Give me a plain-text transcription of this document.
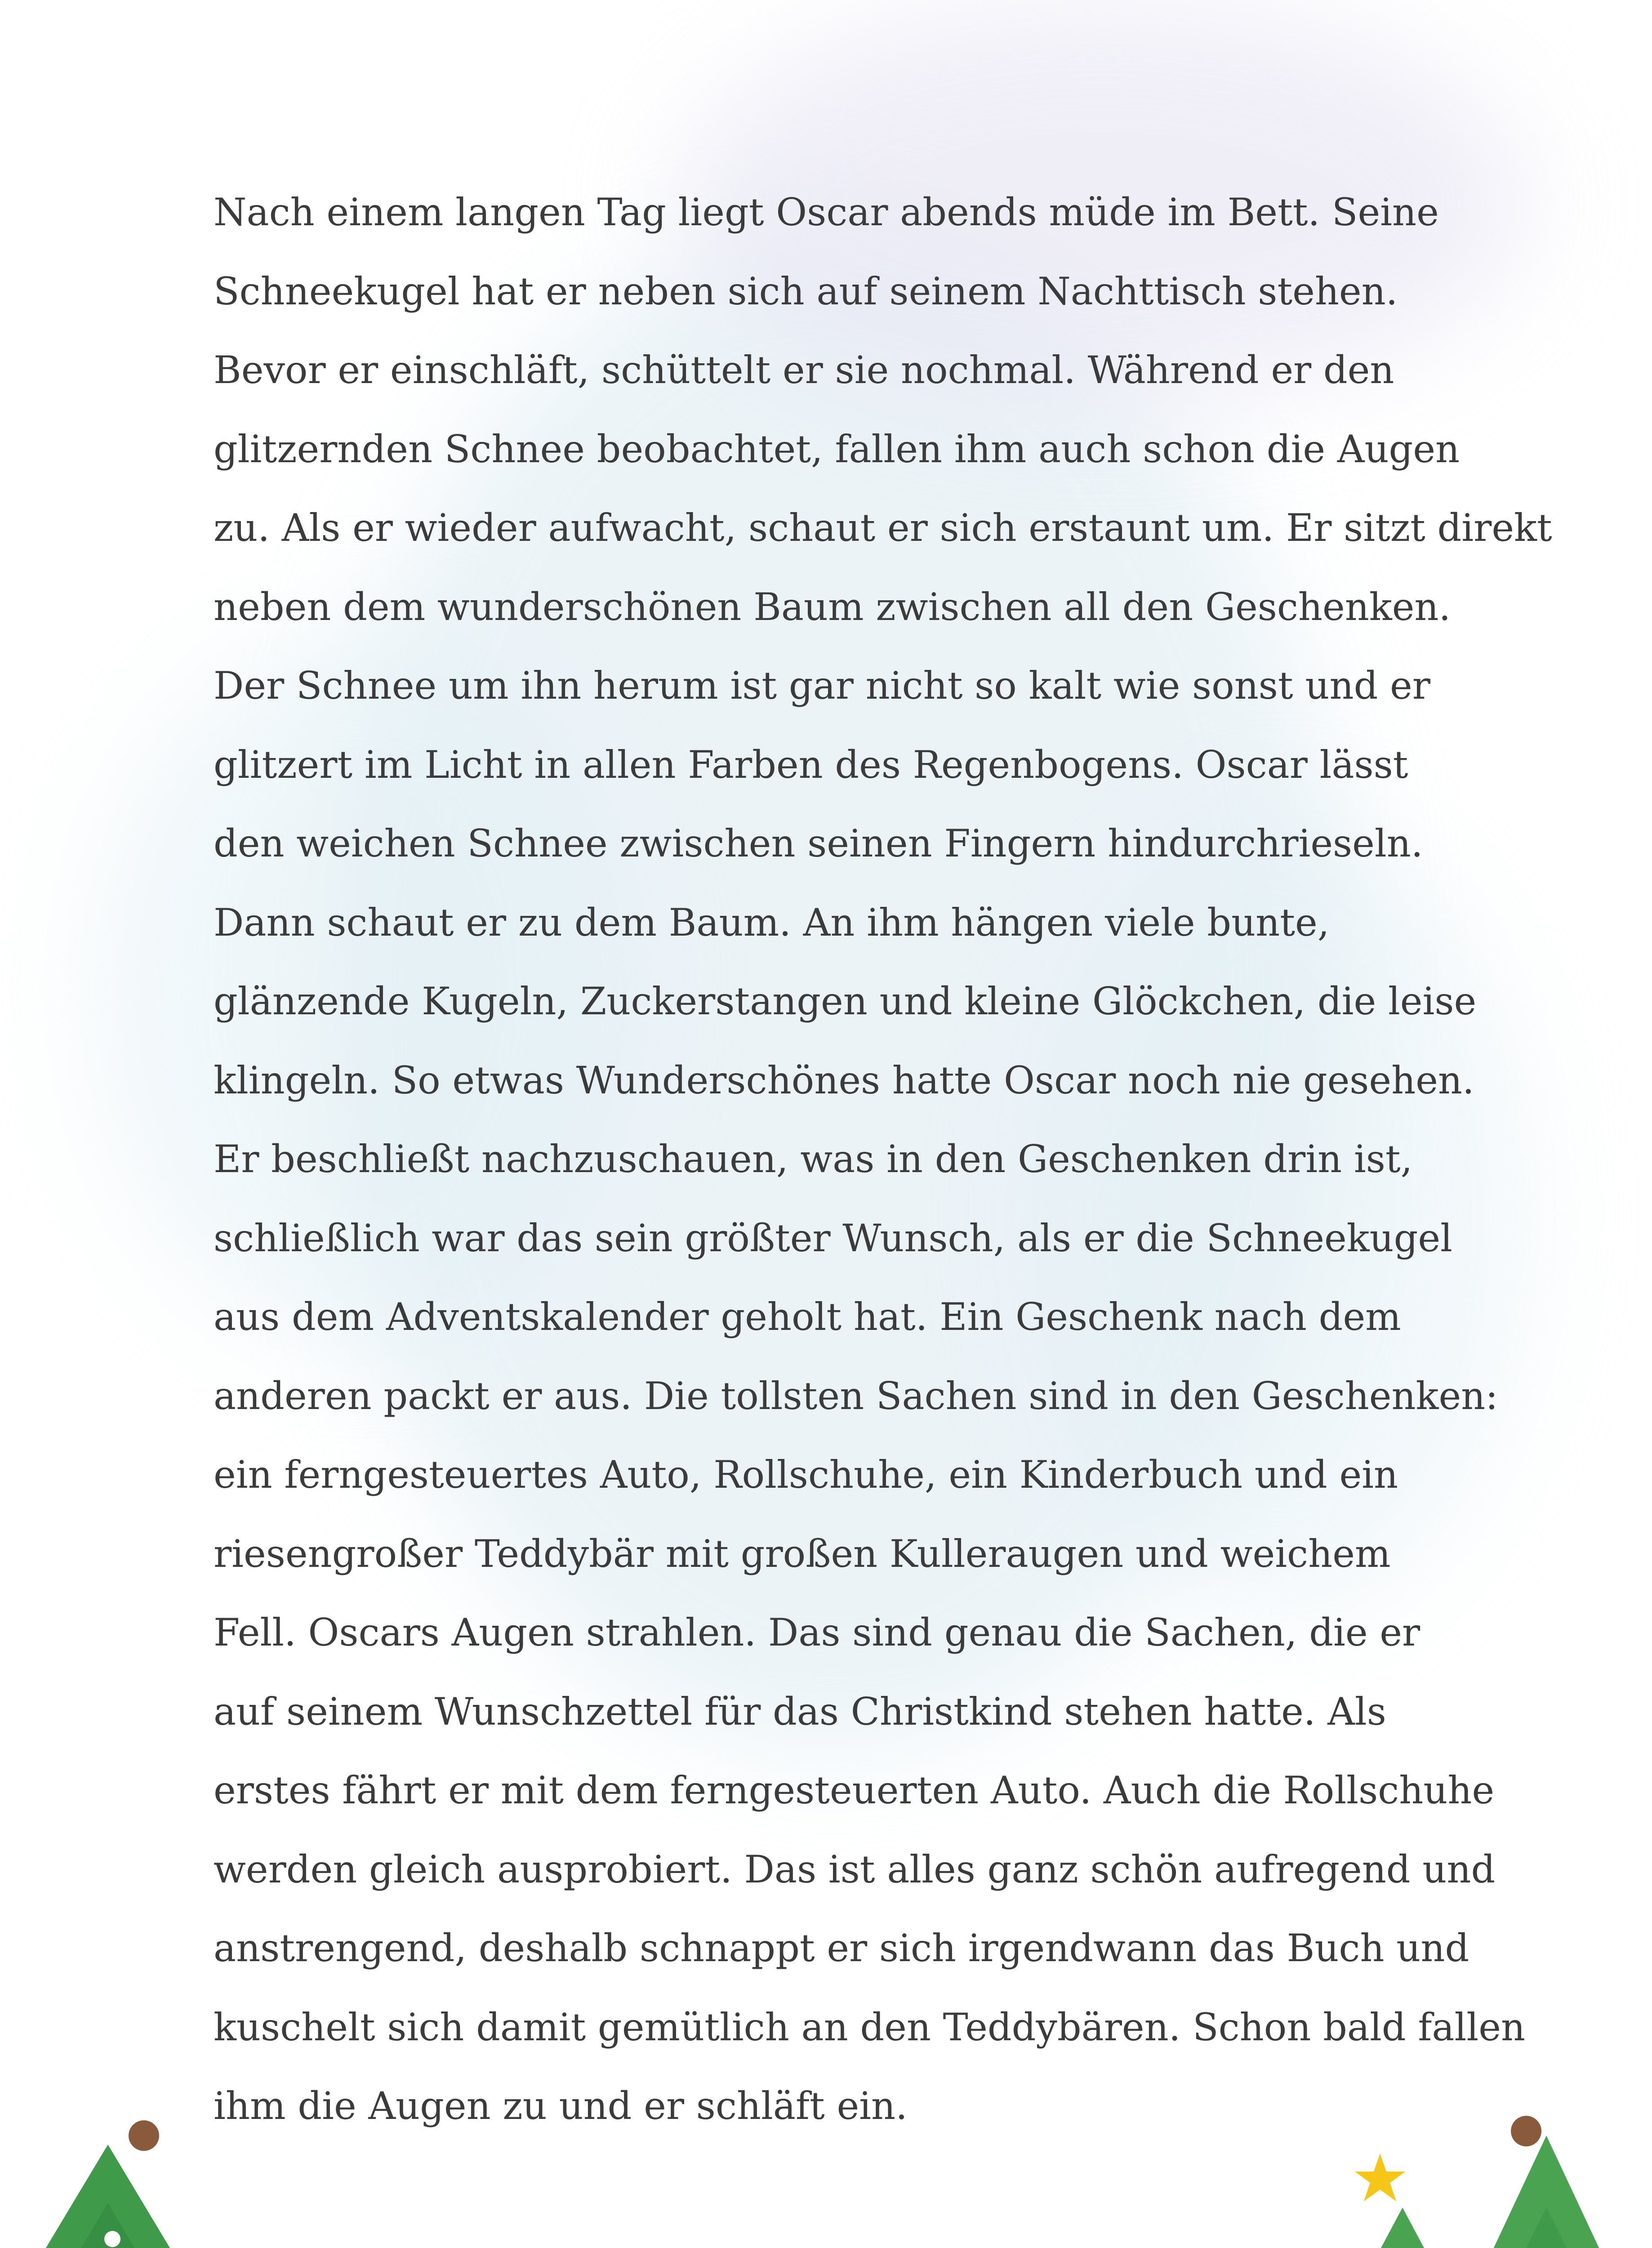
Nach einem langen Tag liegt Oscar abends müde im Bett. Seine
Schneekugel hat er neben sich auf seinem Nachttisch stehen.
Bevor er einschläft, schüttelt er sie nochmal. Während er den
glitzernden Schnee beobachtet, fallen ihm auch schon die Augen
zu. Als er wieder aufwacht, schaut er sich erstaunt um. Er sitzt direkt
neben dem wunderschönen Baum zwischen all den Geschenken.
Der Schnee um ihn herum ist gar nicht so kalt wie sonst und er
glitzert im Licht in allen Farben des Regenbogens. Oscar lässt
den weichen Schnee zwischen seinen Fingern hindurchrieseln.
Dann schaut er zu dem Baum. An ihm hängen viele bunte,
glänzende Kugeln, Zuckerstangen und kleine Glöckchen, die leise
klingeln. So etwas Wunderschönes hatte Oscar noch nie gesehen.
Er beschließt nachzuschauen, was in den Geschenken drin ist,
schließlich war das sein größter Wunsch, als er die Schneekugel
aus dem Adventskalender geholt hat. Ein Geschenk nach dem
anderen packt er aus. Die tollsten Sachen sind in den Geschenken:
ein ferngesteuertes Auto, Rollschuhe, ein Kinderbuch und ein
riesengroßer Teddybär mit großen Kulleraugen und weichem
Fell. Oscars Augen strahlen. Das sind genau die Sachen, die er
auf seinem Wunschzettel für das Christkind stehen hatte. Als
erstes fährt er mit dem ferngesteuerten Auto. Auch die Rollschuhe
werden gleich ausprobiert. Das ist alles ganz schön aufregend und
anstrengend, deshalb schnappt er sich irgendwann das Buch und
kuschelt sich damit gemütlich an den Teddybären. Schon bald fallen
ihm die Augen zu und er schläft ein.
